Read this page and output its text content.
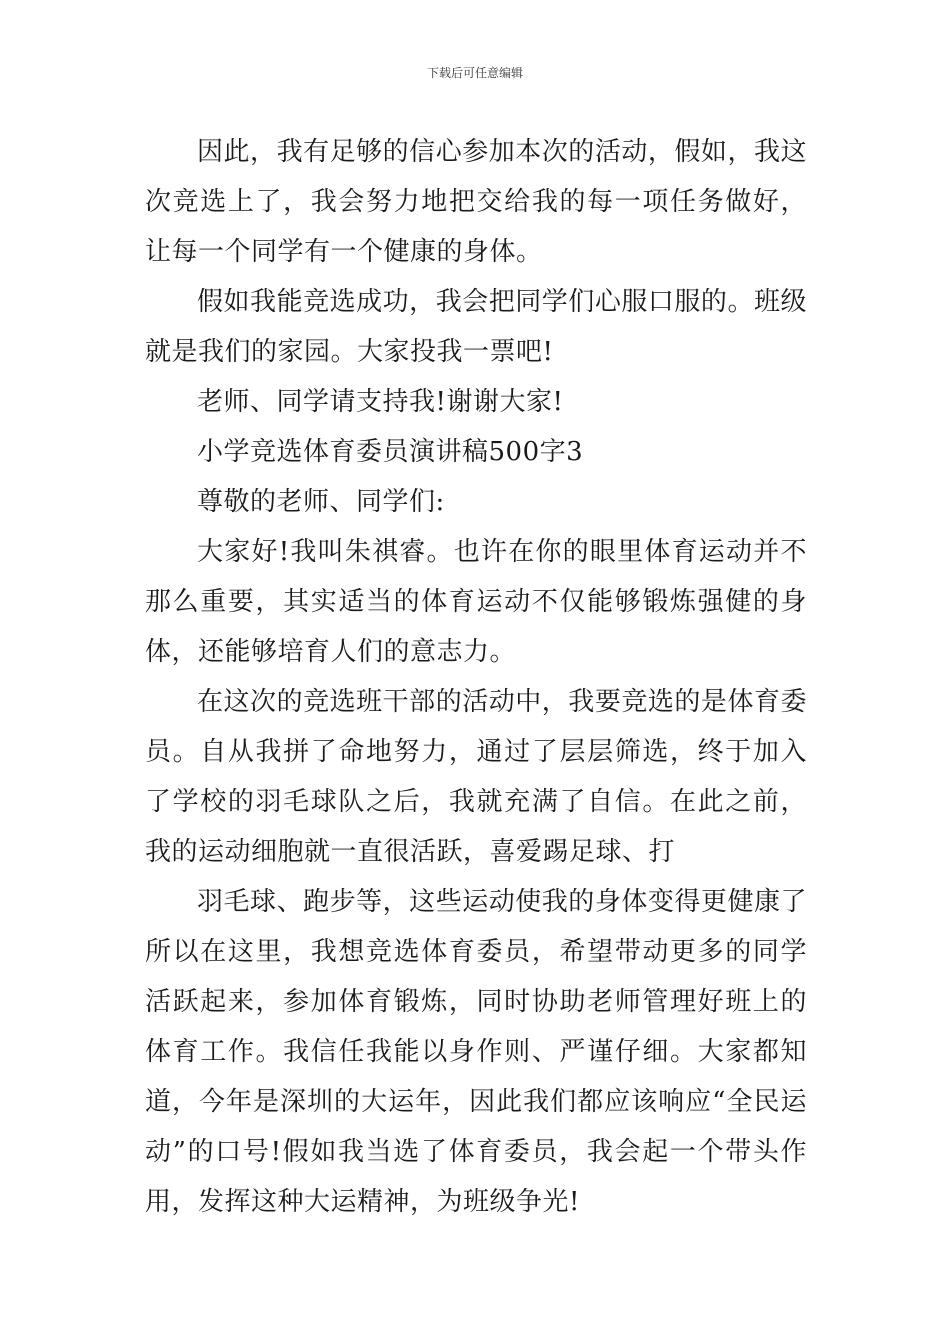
下载后可任意编辑

因此，我有足够的信心参加本次的活动，假如，我这次竞选上了，我会努力地把交给我的每一项任务做好，让每一个同学有一个健康的身体。

假如我能竞选成功，我会把同学们心服口服的。班级就是我们的家园。大家投我一票吧!

老师、同学请支持我!谢谢大家!

小学竞选体育委员演讲稿500字3

尊敬的老师、同学们:

大家好!我叫朱祺睿。也许在你的眼里体育运动并不那么重要，其实适当的体育运动不仅能够锻炼强健的身体，还能够培育人们的意志力。

在这次的竞选班干部的活动中，我要竞选的是体育委员。自从我拼了命地努力，通过了层层筛选，终于加入了学校的羽毛球队之后，我就充满了自信。在此之前，我的运动细胞就一直很活跃，喜爱踢足球、打

羽毛球、跑步等，这些运动使我的身体变得更健康了所以在这里，我想竞选体育委员，希望带动更多的同学活跃起来，参加体育锻炼，同时协助老师管理好班上的体育工作。我信任我能以身作则、严谨仔细。大家都知道，今年是深圳的大运年，因此我们都应该响应“全民运动”的口号!假如我当选了体育委员，我会起一个带头作用，发挥这种大运精神，为班级争光!
